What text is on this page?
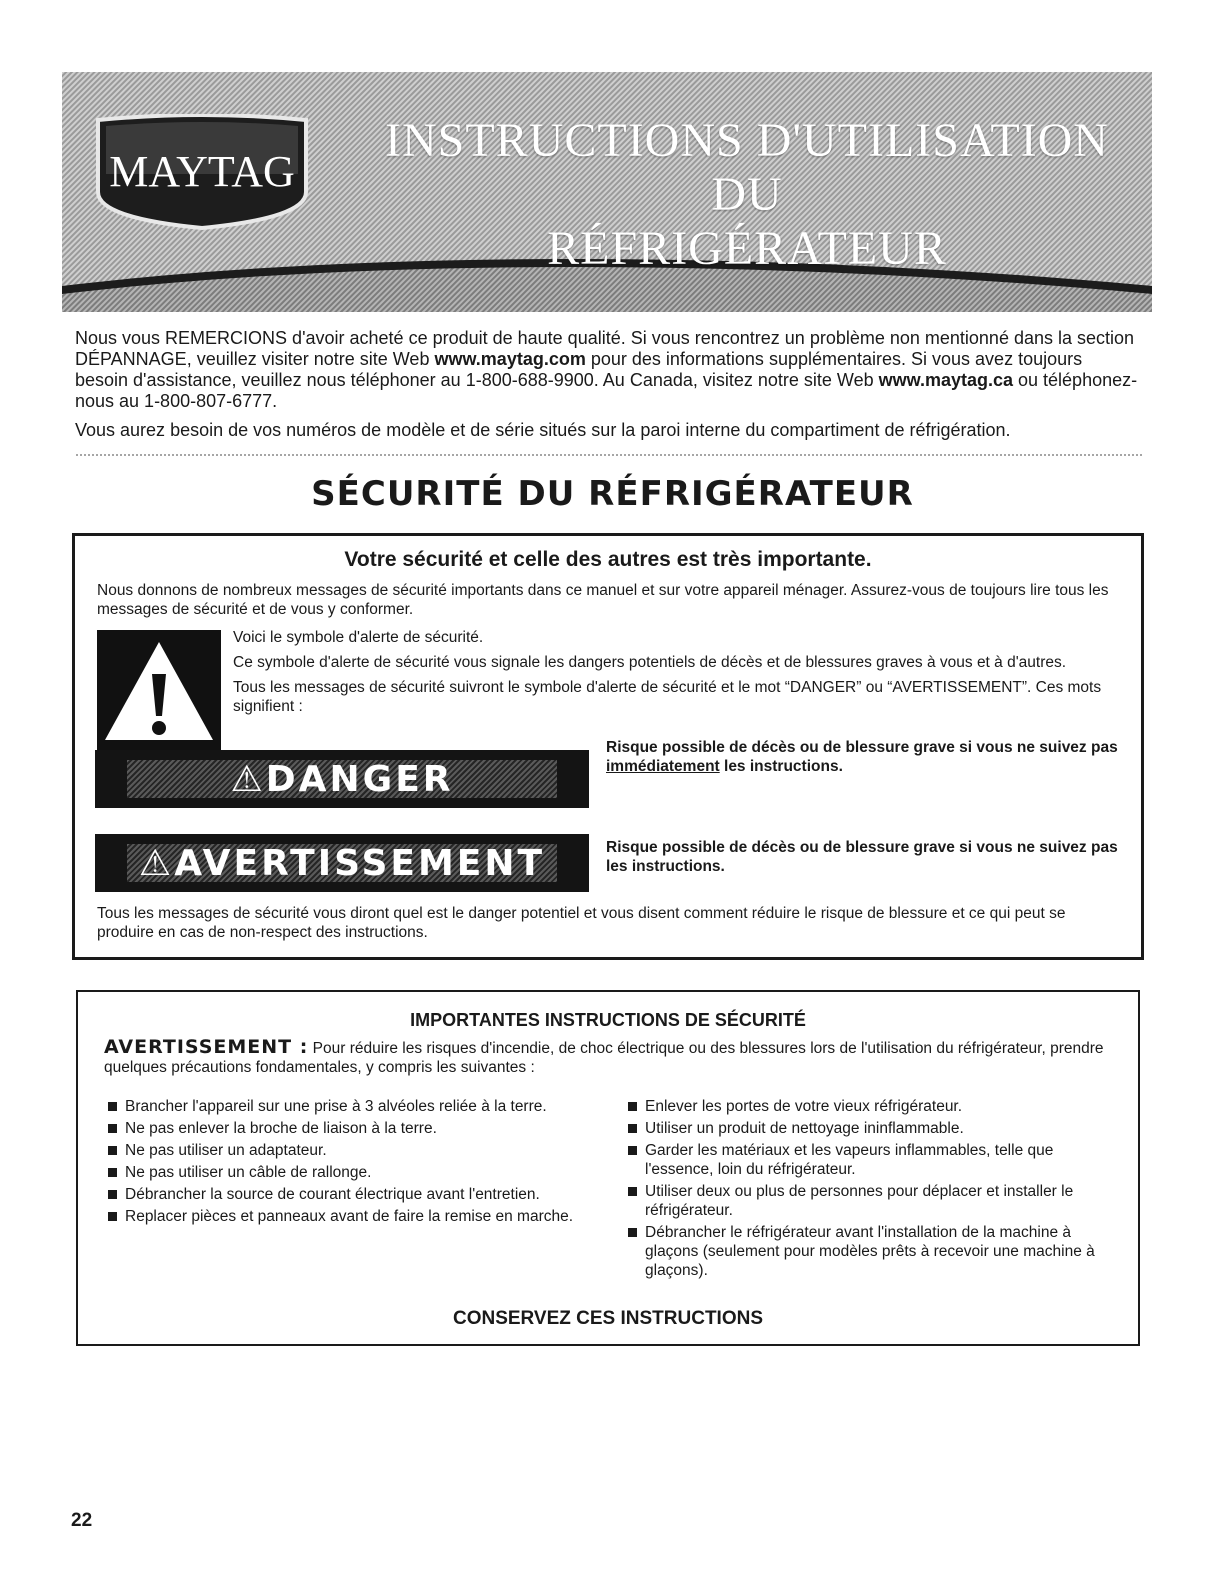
MAYTAG
INSTRUCTIONS D'UTILISATION DU
RÉFRIGÉRATEUR

Nous vous REMERCIONS d'avoir acheté ce produit de haute qualité. Si vous rencontrez un problème non mentionné dans la section DÉPANNAGE, veuillez visiter notre site Web www.maytag.com pour des informations supplémentaires. Si vous avez toujours besoin d'assistance, veuillez nous téléphoner au 1-800-688-9900. Au Canada, visitez notre site Web www.maytag.ca ou téléphonez-nous au 1-800-807-6777.

Vous aurez besoin de vos numéros de modèle et de série situés sur la paroi interne du compartiment de réfrigération.

SÉCURITÉ DU RÉFRIGÉRATEUR
Votre sécurité et celle des autres est très importante.
Nous donnons de nombreux messages de sécurité importants dans ce manuel et sur votre appareil ménager. Assurez-vous de toujours lire tous les messages de sécurité et de vous y conformer.

Voici le symbole d'alerte de sécurité.

Ce symbole d'alerte de sécurité vous signale les dangers potentiels de décès et de blessures graves à vous et à d'autres.

Tous les messages de sécurité suivront le symbole d'alerte de sécurité et le mot “DANGER” ou “AVERTISSEMENT”. Ces mots signifient :

⚠DANGER
Risque possible de décès ou de blessure grave si vous ne suivez pas immédiatement les instructions.
⚠AVERTISSEMENT	Risque possible de décès ou de blessure grave si vous ne suivez pas les instructions.
Tous les messages de sécurité vous diront quel est le danger potentiel et vous disent comment réduire le risque de blessure et ce qui peut se produire en cas de non-respect des instructions.
IMPORTANTES INSTRUCTIONS DE SÉCURITÉ
AVERTISSEMENT : Pour réduire les risques d'incendie, de choc électrique ou des blessures lors de l'utilisation du réfrigérateur, prendre quelques précautions fondamentales, y compris les suivantes :
Brancher l'appareil sur une prise à 3 alvéoles reliée à la terre.
Ne pas enlever la broche de liaison à la terre.
Ne pas utiliser un adaptateur.
Ne pas utiliser un câble de rallonge.
Débrancher la source de courant électrique avant l'entretien.
Replacer pièces et panneaux avant de faire la remise en marche.
Enlever les portes de votre vieux réfrigérateur.
Utiliser un produit de nettoyage ininflammable.
Garder les matériaux et les vapeurs inflammables, telle que l'essence, loin du réfrigérateur.
Utiliser deux ou plus de personnes pour déplacer et installer le réfrigérateur.
Débrancher le réfrigérateur avant l'installation de la machine à glaçons (seulement pour modèles prêts à recevoir une machine à glaçons).
CONSERVEZ CES INSTRUCTIONS
22
